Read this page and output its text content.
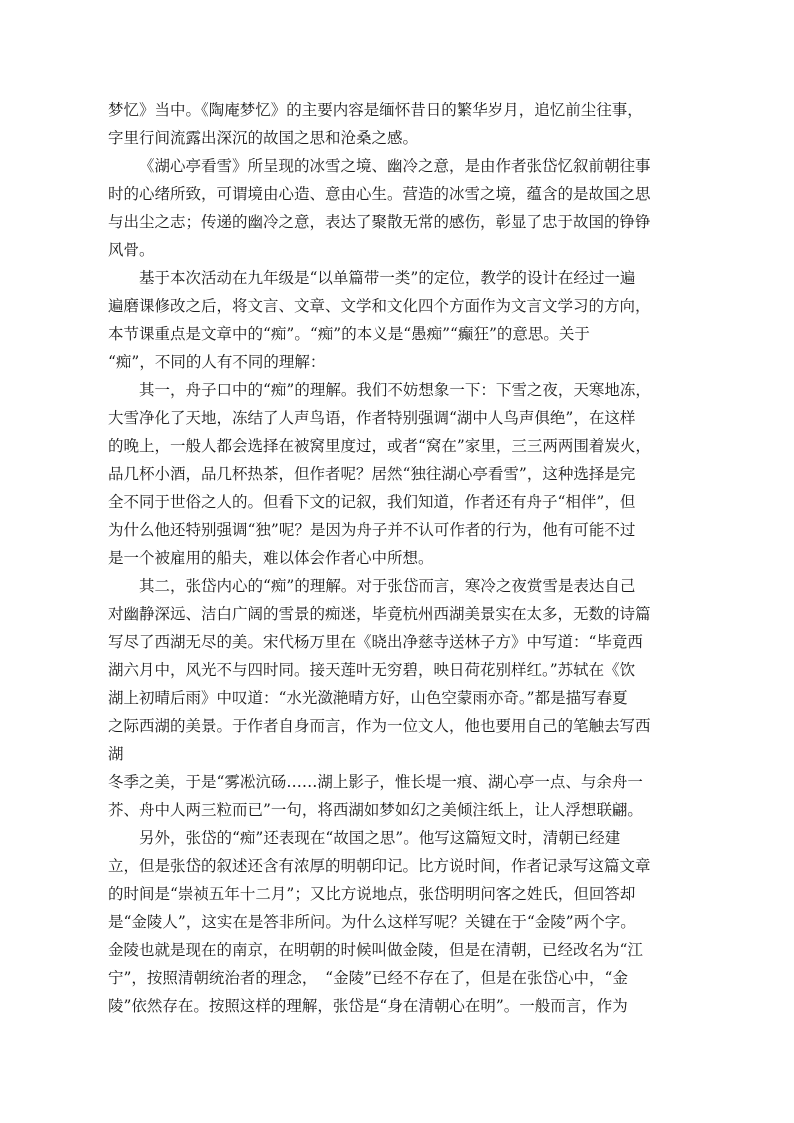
梦忆》当中。《陶庵梦忆》的主要内容是缅怀昔日的繁华岁月，追忆前尘往事，
字里行间流露出深沉的故国之思和沧桑之感。
《湖心亭看雪》所呈现的冰雪之境、幽冷之意，是由作者张岱忆叙前朝往事
时的心绪所致，可谓境由心造、意由心生。营造的冰雪之境，蕴含的是故国之思
与出尘之志；传递的幽冷之意，表达了聚散无常的感伤，彰显了忠于故国的铮铮
风骨。
基于本次活动在九年级是“以单篇带一类”的定位，教学的设计在经过一遍
遍磨课修改之后，将文言、文章、文学和文化四个方面作为文言文学习的方向，
本节课重点是文章中的“痴”。“痴”的本义是“愚痴”“癫狂”的意思。关于
“痴”，不同的人有不同的理解：
其一，舟子口中的“痴”的理解。我们不妨想象一下：下雪之夜，天寒地冻，
大雪净化了天地，冻结了人声鸟语，作者特别强调“湖中人鸟声俱绝”，在这样
的晚上，一般人都会选择在被窝里度过，或者“窝在”家里，三三两两围着炭火，
品几杯小酒，品几杯热茶，但作者呢？居然“独往湖心亭看雪”，这种选择是完
全不同于世俗之人的。但看下文的记叙，我们知道，作者还有舟子“相伴”，但
为什么他还特别强调“独”呢？是因为舟子并不认可作者的行为，他有可能不过
是一个被雇用的船夫，难以体会作者心中所想。
其二，张岱内心的“痴”的理解。对于张岱而言，寒冷之夜赏雪是表达自己
对幽静深远、洁白广阔的雪景的痴迷，毕竟杭州西湖美景实在太多，无数的诗篇
写尽了西湖无尽的美。宋代杨万里在《晓出净慈寺送林子方》中写道：“毕竟西
湖六月中，风光不与四时同。接天莲叶无穷碧，映日荷花别样红。”苏轼在《饮
湖上初晴后雨》中叹道：“水光潋滟晴方好，山色空蒙雨亦奇。”都是描写春夏
之际西湖的美景。于作者自身而言，作为一位文人，他也要用自己的笔触去写西
湖
冬季之美，于是“雾凇沆砀……湖上影子，惟长堤一痕、湖心亭一点、与余舟一
芥、舟中人两三粒而已”一句，将西湖如梦如幻之美倾注纸上，让人浮想联翩。
另外，张岱的“痴”还表现在“故国之思”。他写这篇短文时，清朝已经建
立，但是张岱的叙述还含有浓厚的明朝印记。比方说时间，作者记录写这篇文章
的时间是“崇祯五年十二月”；又比方说地点，张岱明明问客之姓氏，但回答却
是“金陵人”，这实在是答非所问。为什么这样写呢？关键在于“金陵”两个字。
金陵也就是现在的南京，在明朝的时候叫做金陵，但是在清朝，已经改名为“江
宁”，按照清朝统治者的理念，　“金陵”已经不存在了，但是在张岱心中，“金
陵”依然存在。按照这样的理解，张岱是“身在清朝心在明”。一般而言，作为
